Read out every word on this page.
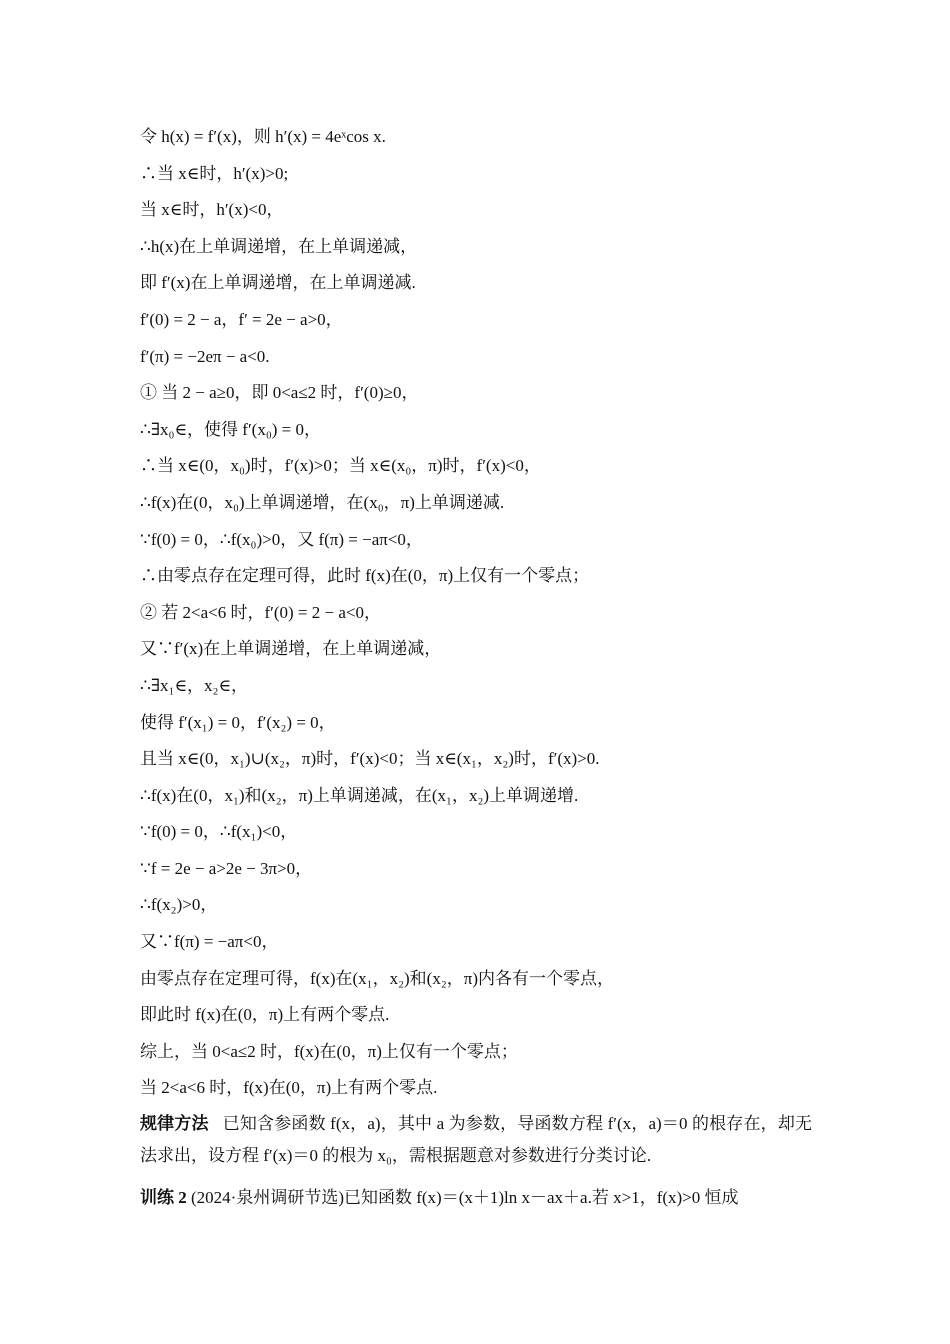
令 h(x) = f′(x)，则 h′(x) = 4eˣcos x.
∴当 x∈时，h′(x)>0;
当 x∈时，h′(x)<0，
∴h(x)在上单调递增，在上单调递减，
即 f′(x)在上单调递增，在上单调递减.
f′(0) = 2 − a，f′ = 2e − a>0，
f′(π) = −2eπ − a<0.
① 当 2 − a≥0，即 0<a≤2 时，f′(0)≥0，
∴∃x₀∈，使得 f′(x₀) = 0，
∴当 x∈(0，x₀)时，f′(x)>0；当 x∈(x₀，π)时，f′(x)<0，
∴f(x)在(0，x₀)上单调递增，在(x₀，π)上单调递减.
∵f(0) = 0，∴f(x₀)>0，又 f(π) = −aπ<0，
∴由零点存在定理可得，此时 f(x)在(0，π)上仅有一个零点；
② 若 2<a<6 时，f′(0) = 2 − a<0，
又∵f′(x)在上单调递增，在上单调递减，
∴∃x₁∈，x₂∈，
使得 f′(x₁) = 0，f′(x₂) = 0，
且当 x∈(0，x₁)∪(x₂，π)时，f′(x)<0；当 x∈(x₁，x₂)时，f′(x)>0.
∴f(x)在(0，x₁)和(x₂，π)上单调递减，在(x₁，x₂)上单调递增.
∵f(0) = 0，∴f(x₁)<0，
∵f = 2e − a>2e − 3π>0，
∴f(x₂)>0，
又∵f(π) = −aπ<0，
由零点存在定理可得，f(x)在(x₁，x₂)和(x₂，π)内各有一个零点，
即此时 f(x)在(0，π)上有两个零点.
综上，当 0<a≤2 时，f(x)在(0，π)上仅有一个零点；
当 2<a<6 时，f(x)在(0，π)上有两个零点.
规律方法 已知含参函数 f(x，a)，其中 a 为参数，导函数方程 f′(x，a)＝0 的根存在，却无法求出，设方程 f′(x)＝0 的根为 x₀，需根据题意对参数进行分类讨论.
训练 2 (2024·泉州调研节选)已知函数 f(x)＝(x＋1)ln x－ax＋a.若 x>1，f(x)>0 恒成
